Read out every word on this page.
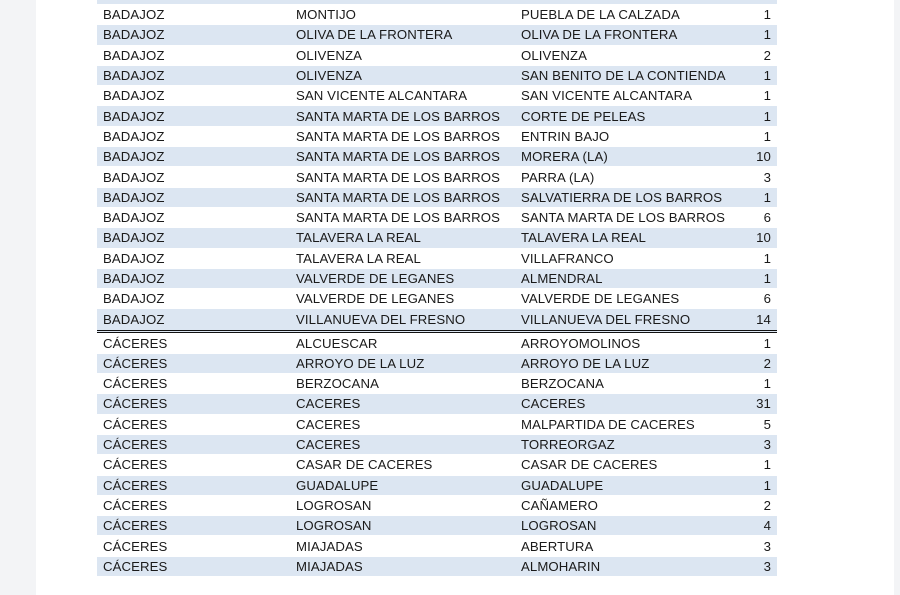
BADAJOZ	MONTIJO	PUEBLA DE LA CALZADA	1
BADAJOZ	OLIVA DE LA FRONTERA	OLIVA DE LA FRONTERA	1
BADAJOZ	OLIVENZA	OLIVENZA	2
BADAJOZ	OLIVENZA	SAN BENITO DE LA CONTIENDA	1
BADAJOZ	SAN VICENTE ALCANTARA	SAN VICENTE ALCANTARA	1
BADAJOZ	SANTA MARTA DE LOS BARROS	CORTE DE PELEAS	1
BADAJOZ	SANTA MARTA DE LOS BARROS	ENTRIN BAJO	1
BADAJOZ	SANTA MARTA DE LOS BARROS	MORERA (LA)	10
BADAJOZ	SANTA MARTA DE LOS BARROS	PARRA (LA)	3
BADAJOZ	SANTA MARTA DE LOS BARROS	SALVATIERRA DE LOS BARROS	1
BADAJOZ	SANTA MARTA DE LOS BARROS	SANTA MARTA DE LOS BARROS	6
BADAJOZ	TALAVERA LA REAL	TALAVERA LA REAL	10
BADAJOZ	TALAVERA LA REAL	VILLAFRANCO	1
BADAJOZ	VALVERDE DE LEGANES	ALMENDRAL	1
BADAJOZ	VALVERDE DE LEGANES	VALVERDE DE LEGANES	6
BADAJOZ	VILLANUEVA DEL FRESNO	VILLANUEVA DEL FRESNO	14
CÁCERES	ALCUESCAR	ARROYOMOLINOS	1
CÁCERES	ARROYO DE LA LUZ	ARROYO DE LA LUZ	2
CÁCERES	BERZOCANA	BERZOCANA	1
CÁCERES	CACERES	CACERES	31
CÁCERES	CACERES	MALPARTIDA DE CACERES	5
CÁCERES	CACERES	TORREORGAZ	3
CÁCERES	CASAR DE CACERES	CASAR DE CACERES	1
CÁCERES	GUADALUPE	GUADALUPE	1
CÁCERES	LOGROSAN	CAÑAMERO	2
CÁCERES	LOGROSAN	LOGROSAN	4
CÁCERES	MIAJADAS	ABERTURA	3
CÁCERES	MIAJADAS	ALMOHARIN	3
